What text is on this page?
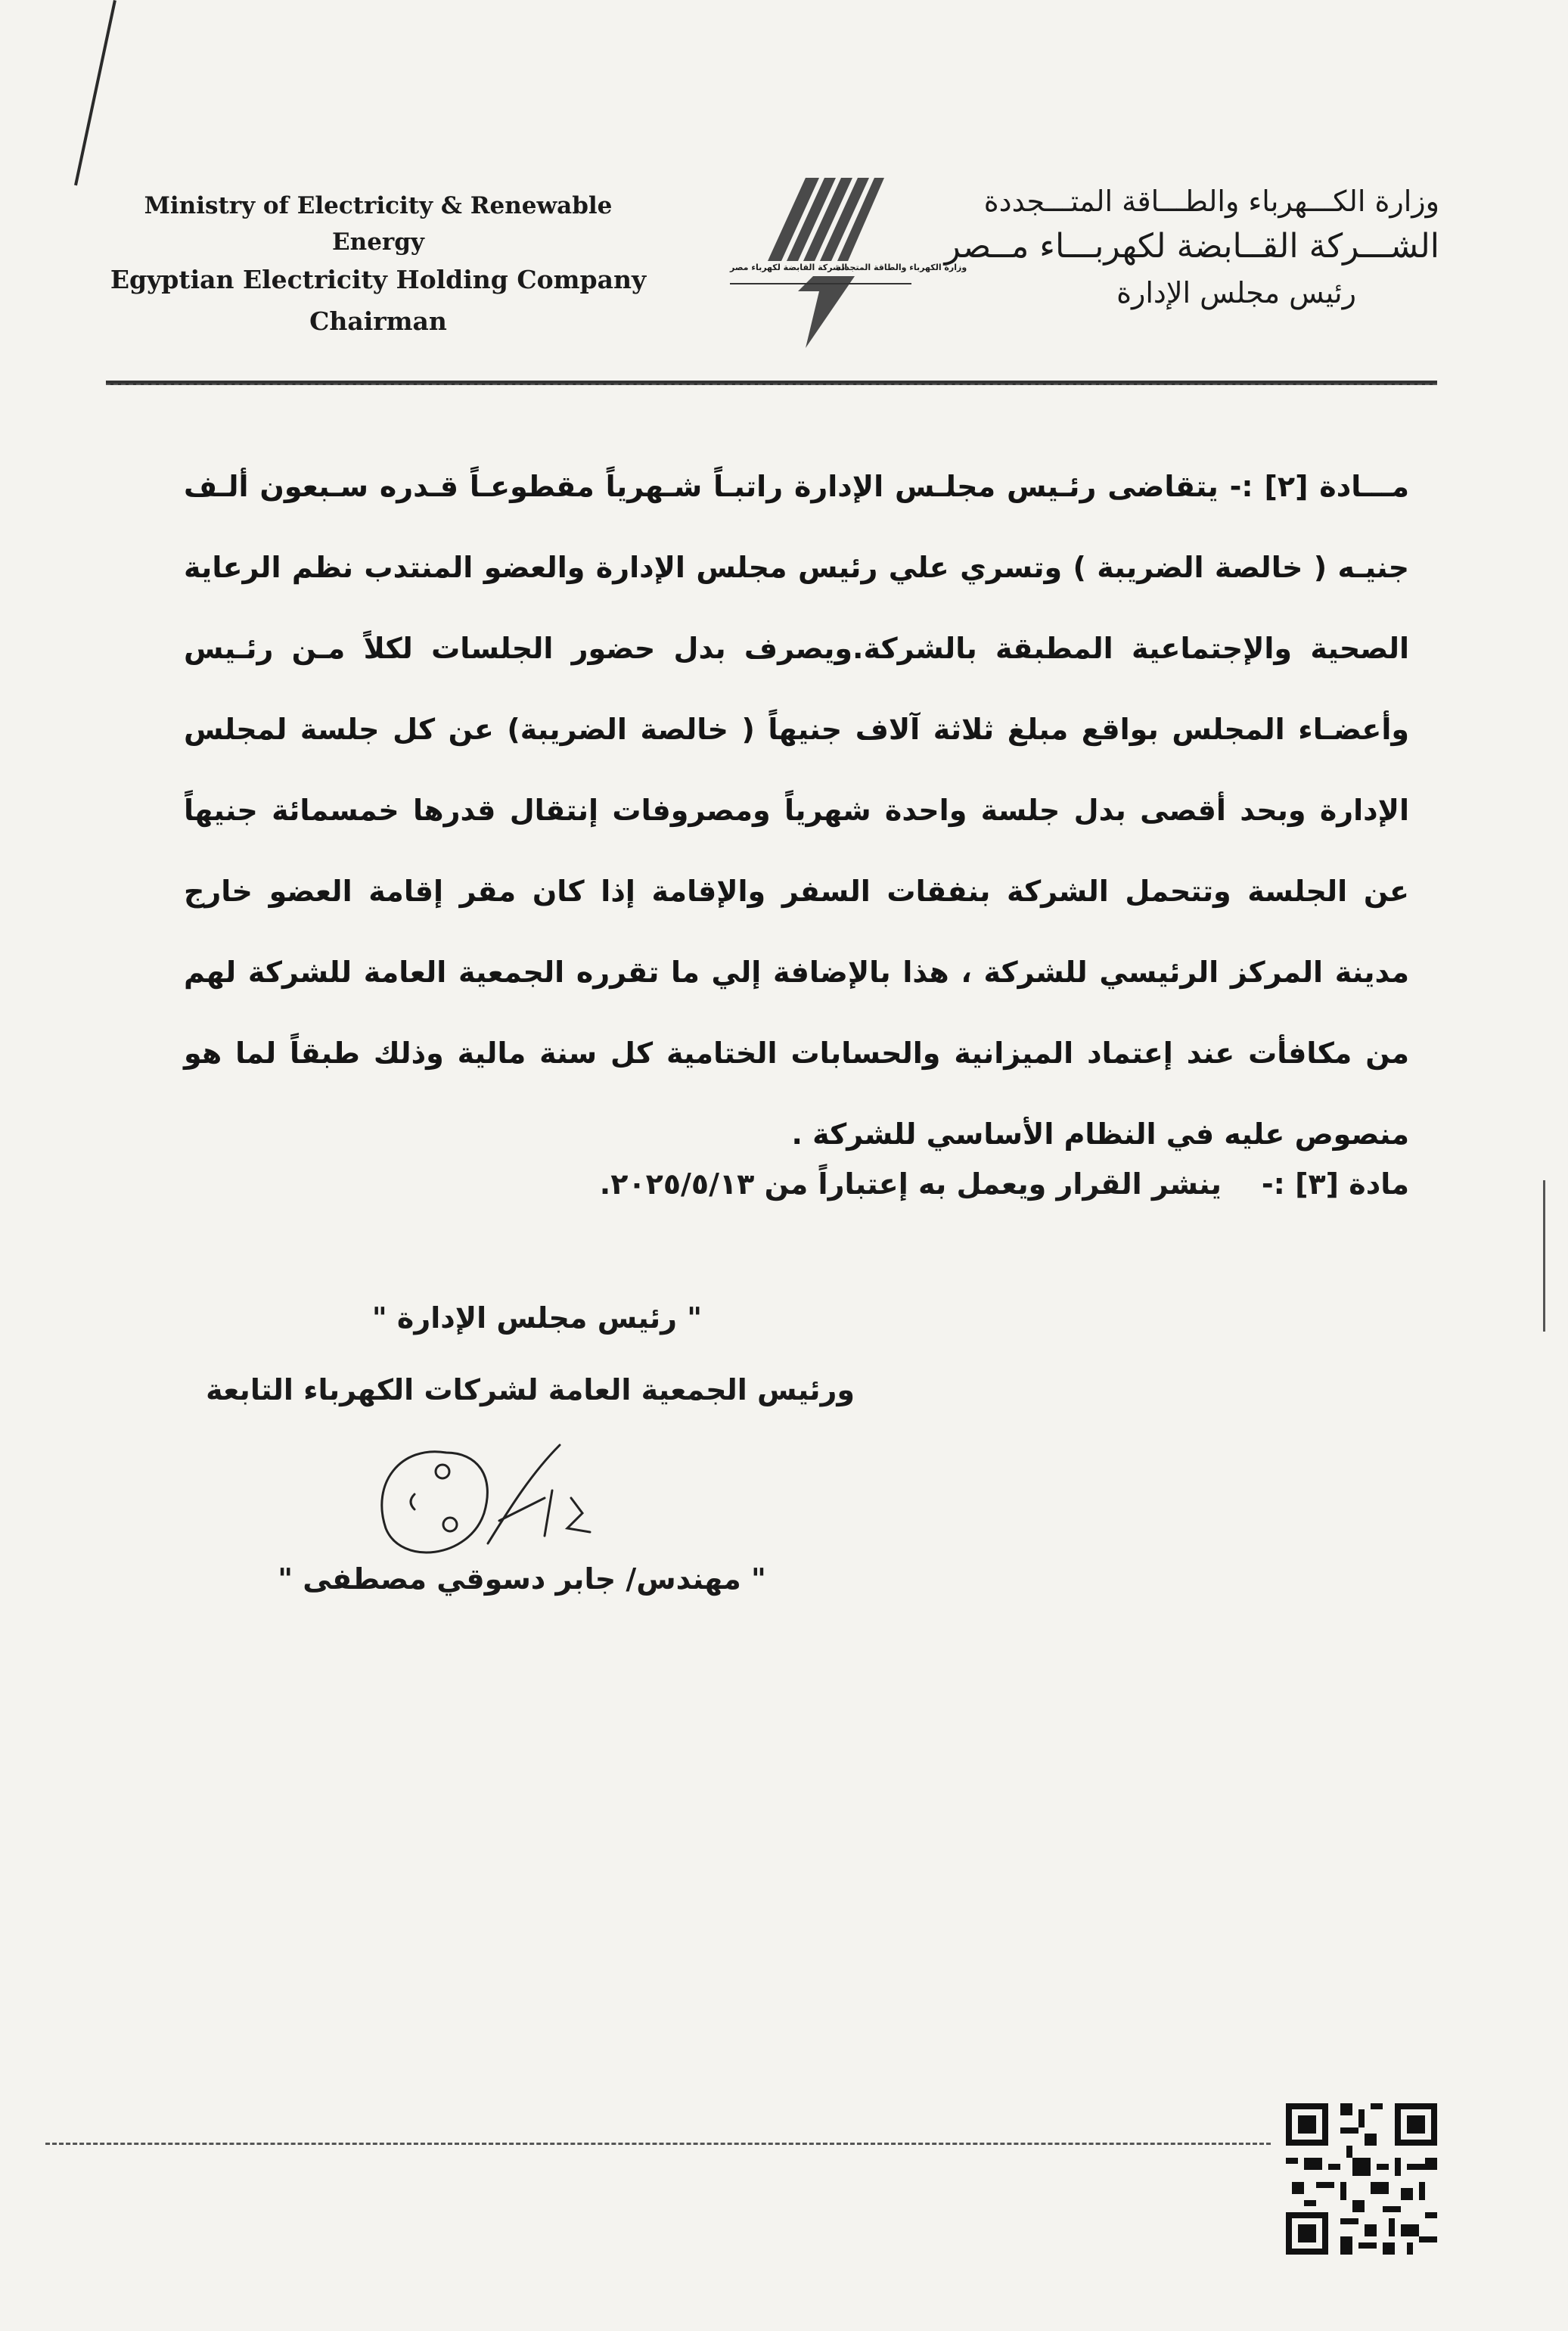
Ministry of Electricity & Renewable Energy
Egyptian Electricity Holding Company
Chairman
وزارة الكهرباء والطاقة المتجددة
الشركة القابضة لكهرباء مصر
وزارة الكـــهرباء والطـــاقة المتـــجددة
الشـــركة القــابضة لكهربـــاء مــصر
رئيس مجلس الإدارة
مـــادة [٢] :- يتقاضى رئـيس مجلـس الإدارة راتبـاً شـهرياً مقطوعـاً قـدره سـبعون ألـف جنيـه ( خالصة الضريبة ) وتسري علي رئيس مجلس الإدارة والعضو المنتدب نظم الرعاية الصحية والإجتماعية المطبقة بالشركة.ويصرف بدل حضور الجلسات لكلاً مـن رئـيس وأعضـاء المجلس بواقع مبلغ ثلاثة آلاف جنيهاً ( خالصة الضريبة) عن كل جلسة لمجلس الإدارة وبحد أقصى بدل جلسة واحدة شهرياً ومصروفات إنتقال قدرها خمسمائة جنيهاً عن الجلسة وتتحمل الشركة بنفقات السفر والإقامة إذا كان مقر إقامة العضو خارج مدينة المركز الرئيسي للشركة ، هذا بالإضافة إلي ما تقرره الجمعية العامة للشركة لهم من مكافأت عند إعتماد الميزانية والحسابات الختامية كل سنة مالية وذلك طبقاً لما هو منصوص عليه في النظام الأساسي للشركة .
مادة [٣] :-    ينشر القرار ويعمل به إعتباراً من ٢٠٢٥/٥/١٣.
" رئيس مجلس الإدارة "
ورئيس الجمعية العامة لشركات الكهرباء التابعة
" مهندس/ جابر دسوقي مصطفى "
